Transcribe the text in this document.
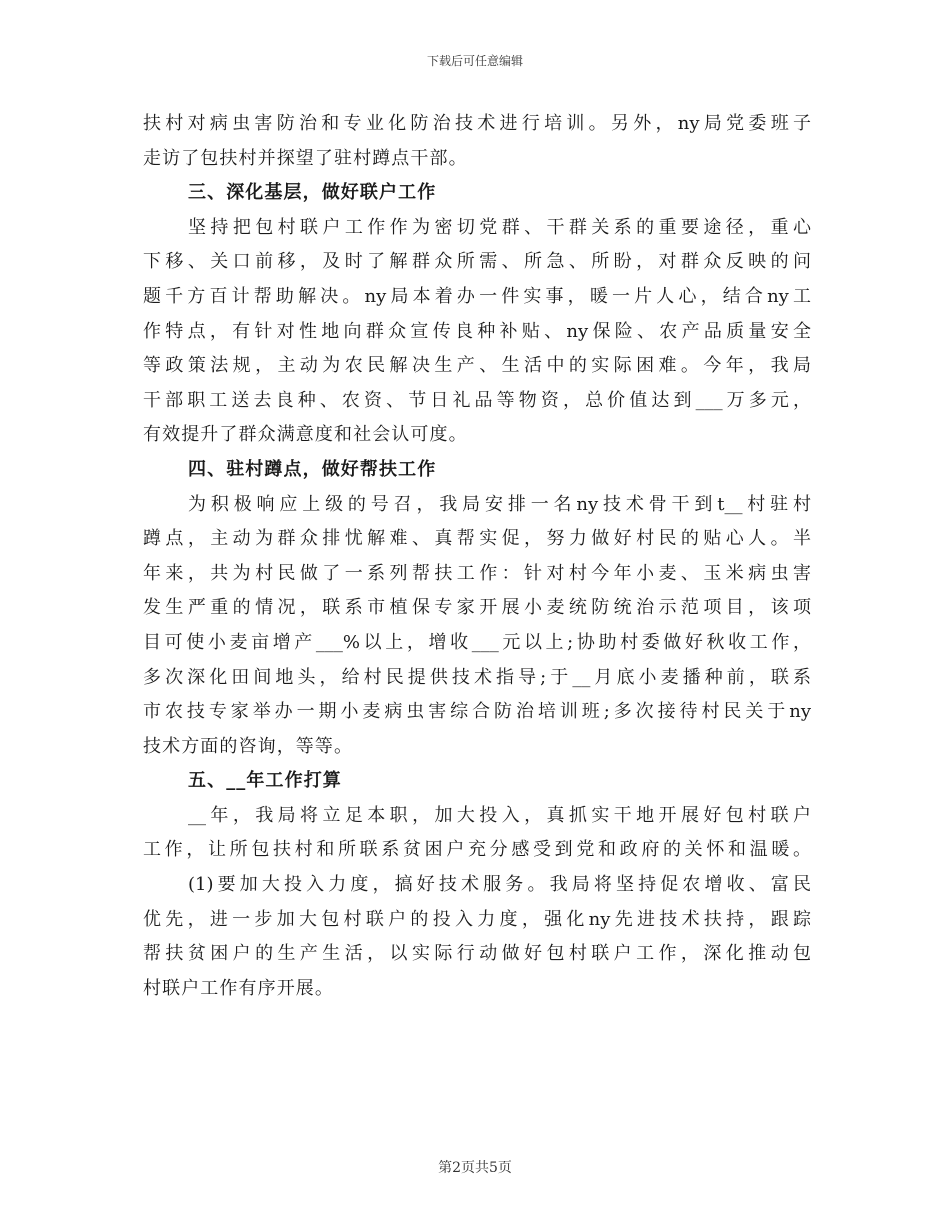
下载后可任意编辑
扶村对病虫害防治和专业化防治技术进行培训。另外，ny局党委班子
走访了包扶村并探望了驻村蹲点干部。
三、深化基层，做好联户工作
坚持把包村联户工作作为密切党群、干群关系的重要途径，重心
下移、关口前移，及时了解群众所需、所急、所盼，对群众反映的问
题千方百计帮助解决。ny局本着办一件实事，暖一片人心，结合ny工
作特点，有针对性地向群众宣传良种补贴、ny保险、农产品质量安全
等政策法规，主动为农民解决生产、生活中的实际困难。今年，我局
干部职工送去良种、农资、节日礼品等物资，总价值达到___万多元，
有效提升了群众满意度和社会认可度。
四、驻村蹲点，做好帮扶工作
为积极响应上级的号召，我局安排一名ny技术骨干到t__村驻村
蹲点，主动为群众排忧解难、真帮实促，努力做好村民的贴心人。半
年来，共为村民做了一系列帮扶工作：针对村今年小麦、玉米病虫害
发生严重的情况，联系市植保专家开展小麦统防统治示范项目，该项
目可使小麦亩增产___%以上，增收___元以上;协助村委做好秋收工作，
多次深化田间地头，给村民提供技术指导;于__月底小麦播种前，联系
市农技专家举办一期小麦病虫害综合防治培训班;多次接待村民关于ny
技术方面的咨询，等等。
五、__年工作打算
__年，我局将立足本职，加大投入，真抓实干地开展好包村联户
工作，让所包扶村和所联系贫困户充分感受到党和政府的关怀和温暖。
(1)要加大投入力度，搞好技术服务。我局将坚持促农增收、富民
优先，进一步加大包村联户的投入力度，强化ny先进技术扶持，跟踪
帮扶贫困户的生产生活，以实际行动做好包村联户工作，深化推动包
村联户工作有序开展。
第2页共5页
